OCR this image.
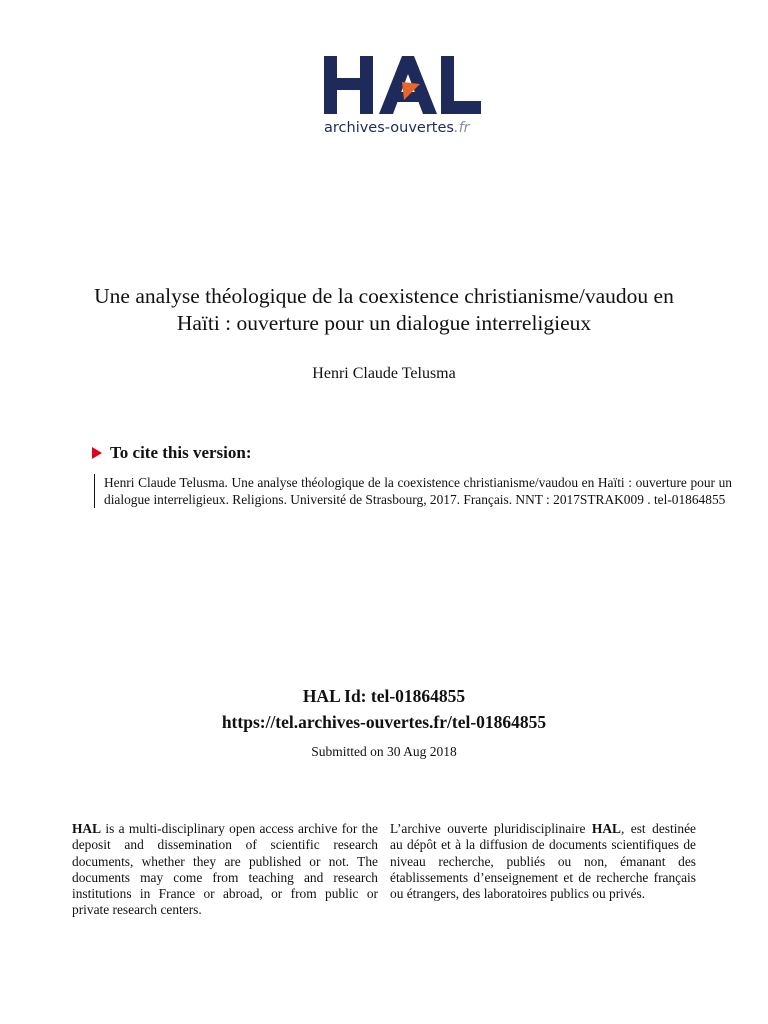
archives-ouvertes.fr
Une analyse théologique de la coexistence christianisme/vaudou en Haïti : ouverture pour un dialogue interreligieux
Henri Claude Telusma
To cite this version:
Henri Claude Telusma. Une analyse théologique de la coexistence christianisme/vaudou en Haïti : ouverture pour un dialogue interreligieux. Religions. Université de Strasbourg, 2017. Français. NNT : 2017STRAK009 . tel-01864855
HAL Id: tel-01864855
https://tel.archives-ouvertes.fr/tel-01864855
Submitted on 30 Aug 2018
HAL is a multi-disciplinary open access archive for the deposit and dissemination of scientific research documents, whether they are published or not. The documents may come from teaching and research institutions in France or abroad, or from public or private research centers.
L’archive ouverte pluridisciplinaire HAL, est destinée au dépôt et à la diffusion de documents scientifiques de niveau recherche, publiés ou non, émanant des établissements d’enseignement et de recherche français ou étrangers, des laboratoires publics ou privés.
